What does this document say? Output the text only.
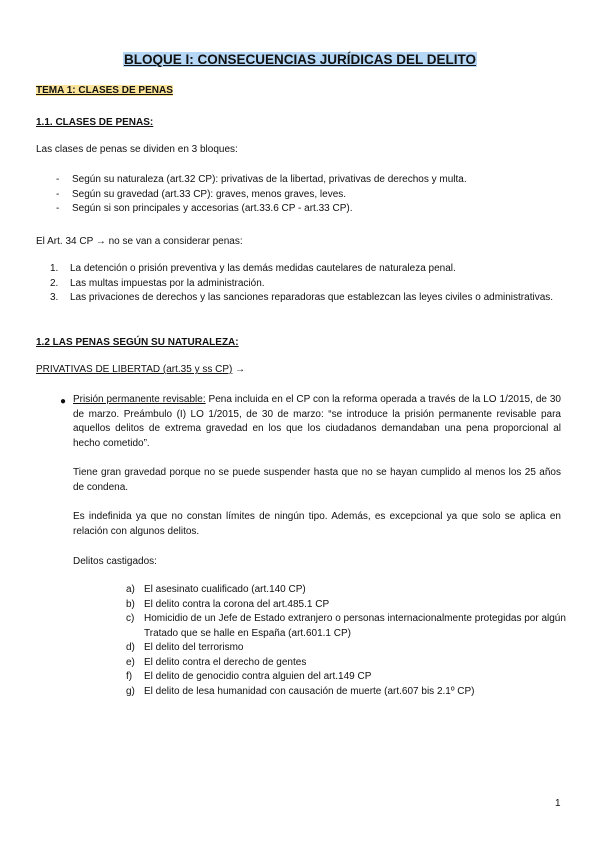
BLOQUE I: CONSECUENCIAS JURÍDICAS DEL DELITO
TEMA 1: CLASES DE PENAS
1.1. CLASES DE PENAS:
Las clases de penas se dividen en 3 bloques:
- Según su naturaleza (art.32 CP): privativas de la libertad, privativas de derechos y multa.
- Según su gravedad (art.33 CP): graves, menos graves, leves.
- Según si son principales y accesorias (art.33.6 CP - art.33 CP).
El Art. 34 CP → no se van a considerar penas:
1. La detención o prisión preventiva y las demás medidas cautelares de naturaleza penal.
2. Las multas impuestas por la administración.
3. Las privaciones de derechos y las sanciones reparadoras que establezcan las leyes civiles o administrativas.
1.2 LAS PENAS SEGÚN SU NATURALEZA:
PRIVATIVAS DE LIBERTAD (art.35 y ss CP) →
● Prisión permanente revisable: Pena incluida en el CP con la reforma operada a través de la LO 1/2015, de 30 de marzo. Preámbulo (I) LO 1/2015, de 30 de marzo: “se introduce la prisión permanente revisable para aquellos delitos de extrema gravedad en los que los ciudadanos demandaban una pena proporcional al hecho cometido”.
Tiene gran gravedad porque no se puede suspender hasta que no se hayan cumplido al menos los 25 años de condena.
Es indefinida ya que no constan límites de ningún tipo. Además, es excepcional ya que solo se aplica en relación con algunos delitos.
Delitos castigados:
a) El asesinato cualificado (art.140 CP)
b) El delito contra la corona del art.485.1 CP
c) Homicidio de un Jefe de Estado extranjero o personas internacionalmente protegidas por algún Tratado que se halle en España (art.601.1 CP)
d) El delito del terrorismo
e) El delito contra el derecho de gentes
f) El delito de genocidio contra alguien del art.149 CP
g) El delito de lesa humanidad con causación de muerte (art.607 bis 2.1º CP)
1
